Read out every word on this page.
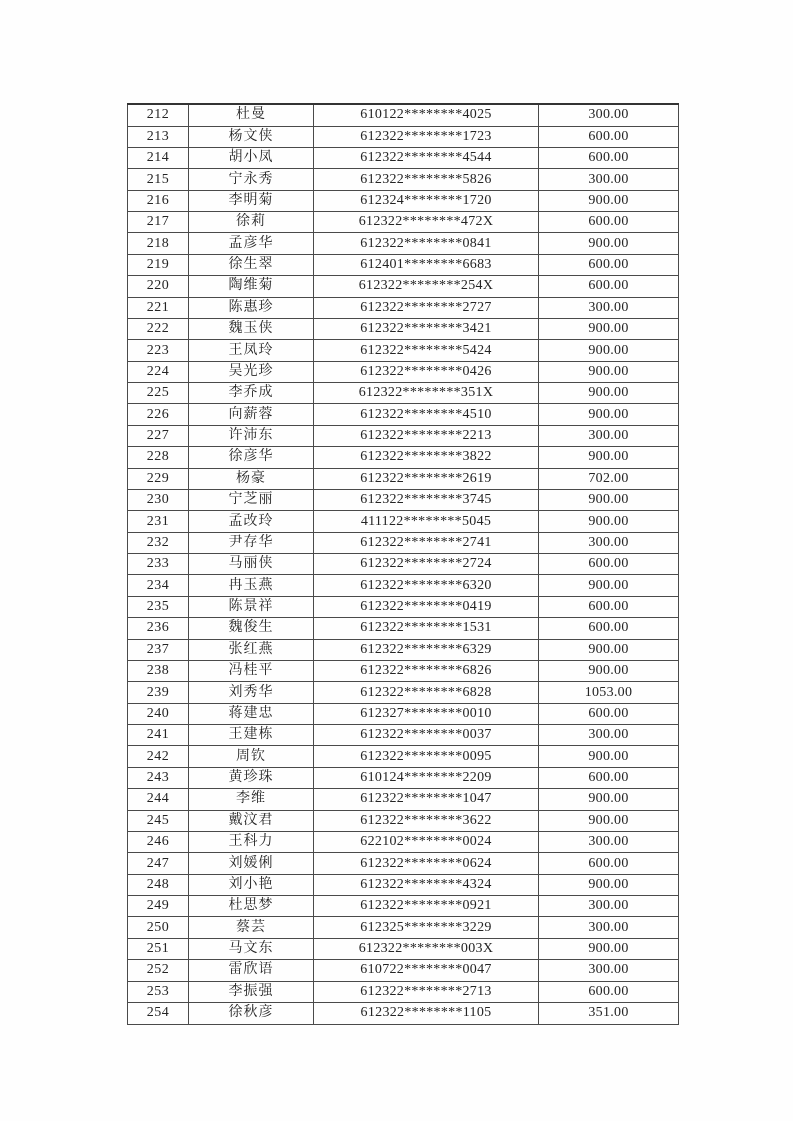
212	杜曼	610122********4025	300.00
213	杨文侠	612322********1723	600.00
214	胡小凤	612322********4544	600.00
215	宁永秀	612322********5826	300.00
216	李明菊	612324********1720	900.00
217	徐莉	612322********472X	600.00
218	孟彦华	612322********0841	900.00
219	徐生翠	612401********6683	600.00
220	陶维菊	612322********254X	600.00
221	陈惠珍	612322********2727	300.00
222	魏玉侠	612322********3421	900.00
223	王凤玲	612322********5424	900.00
224	吴光珍	612322********0426	900.00
225	李乔成	612322********351X	900.00
226	向薪蓉	612322********4510	900.00
227	许沛东	612322********2213	300.00
228	徐彦华	612322********3822	900.00
229	杨豪	612322********2619	702.00
230	宁芝丽	612322********3745	900.00
231	孟改玲	411122********5045	900.00
232	尹存华	612322********2741	300.00
233	马丽侠	612322********2724	600.00
234	冉玉燕	612322********6320	900.00
235	陈景祥	612322********0419	600.00
236	魏俊生	612322********1531	600.00
237	张红燕	612322********6329	900.00
238	冯桂平	612322********6826	900.00
239	刘秀华	612322********6828	1053.00
240	蒋建忠	612327********0010	600.00
241	王建栋	612322********0037	300.00
242	周钦	612322********0095	900.00
243	黄珍珠	610124********2209	600.00
244	李维	612322********1047	900.00
245	戴汶君	612322********3622	900.00
246	王科力	622102********0024	300.00
247	刘媛俐	612322********0624	600.00
248	刘小艳	612322********4324	900.00
249	杜思梦	612322********0921	300.00
250	蔡芸	612325********3229	300.00
251	马文东	612322********003X	900.00
252	雷欣语	610722********0047	300.00
253	李振强	612322********2713	600.00
254	徐秋彦	612322********1105	351.00
